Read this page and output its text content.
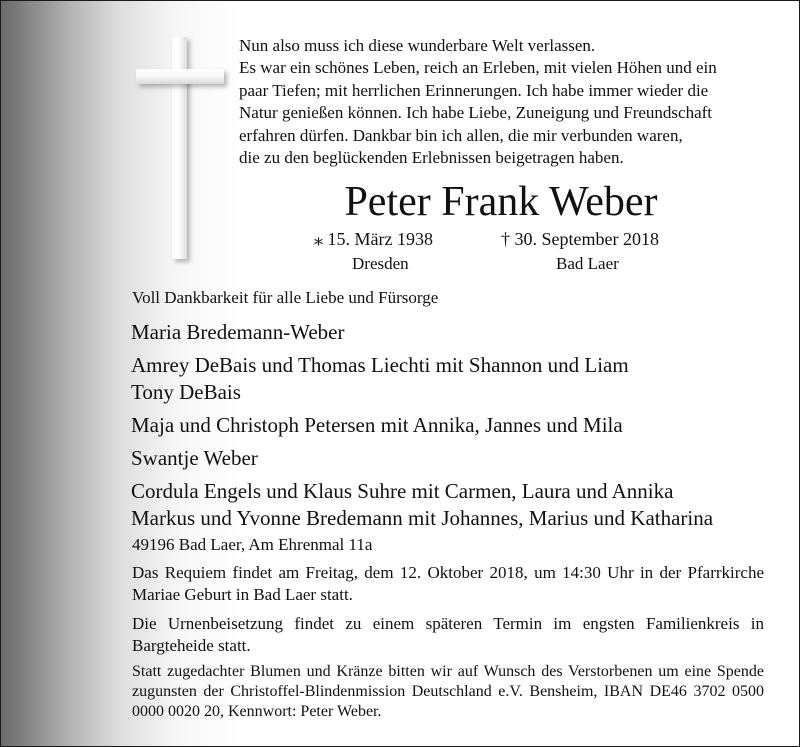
Nun also muss ich diese wunderbare Welt verlassen.
Es war ein schönes Leben, reich an Erleben, mit vielen Höhen und ein
paar Tiefen; mit herrlichen Erinnerungen. Ich habe immer wieder die
Natur genießen können. Ich habe Liebe, Zuneigung und Freundschaft
erfahren dürfen. Dankbar bin ich allen, die mir verbunden waren,
die zu den beglückenden Erlebnissen beigetragen haben.
Peter Frank Weber
⁎ 15. März 1938
Dresden
† 30. September 2018
Bad Laer
Voll Dankbarkeit für alle Liebe und Fürsorge
Maria Bredemann-Weber
Amrey DeBais und Thomas Liechti mit Shannon und Liam
Tony DeBais
Maja und Christoph Petersen mit Annika, Jannes und Mila
Swantje Weber
Cordula Engels und Klaus Suhre mit Carmen, Laura und Annika
Markus und Yvonne Bredemann mit Johannes, Marius und Katharina
49196 Bad Laer, Am Ehrenmal 11a
Das Requiem findet am Freitag, dem 12. Oktober 2018, um 14:30 Uhr in der Pfarrkirche Mariae Geburt in Bad Laer statt.
Die Urnenbeisetzung findet zu einem späteren Termin im engsten Familienkreis in Bargteheide statt.
Statt zugedachter Blumen und Kränze bitten wir auf Wunsch des Verstorbenen um eine Spende zugunsten der Christoffel-Blindenmission Deutschland e.V. Bensheim, IBAN DE46 3702 0500 0000 0020 20, Kennwort: Peter Weber.
